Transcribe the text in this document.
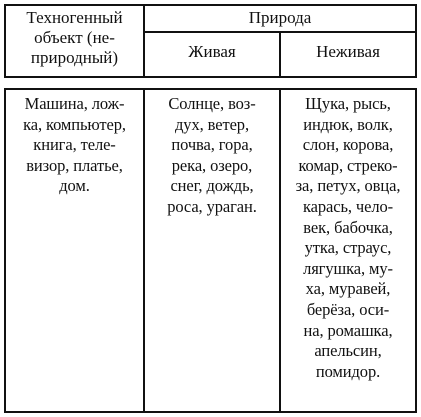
Техногенный
объект (не-
природный)
Природа
Живая	Неживая
Машина, лож-
ка, компьютер,
книга, теле-
визор, платье,
дом.
Солнце, воз-
дух, ветер,
почва, гора,
река, озеро,
снег, дождь,
роса, ураган.
Щука, рысь,
индюк, волк,
слон, корова,
комар, стреко-
за, петух, овца,
карась, чело-
век, бабочка,
утка, страус,
лягушка, му-
ха, муравей,
берёза, оси-
на, ромашка,
апельсин,
помидор.
